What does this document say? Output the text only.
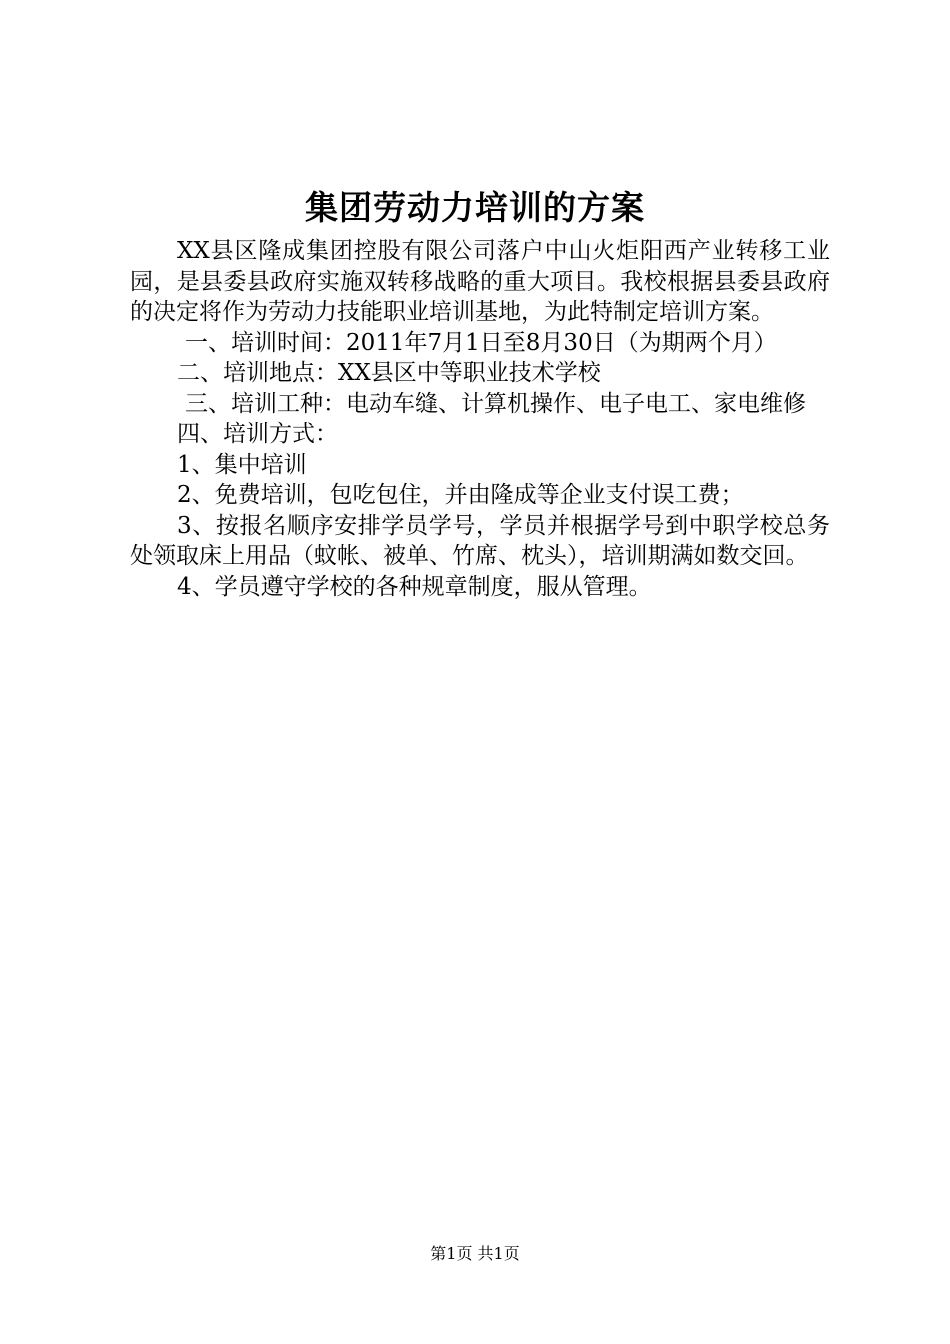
集团劳动力培训的方案

XX县区隆成集团控股有限公司落户中山火炬阳西产业转移工业园，是县委县政府实施双转移战略的重大项目。我校根据县委县政府的决定将作为劳动力技能职业培训基地，为此特制定培训方案。

一、培训时间：2011年7月1日至8月30日（为期两个月）

二、培训地点：XX县区中等职业技术学校

三、培训工种：电动车缝、计算机操作、电子电工、家电维修

四、培训方式：

1、集中培训

2、免费培训，包吃包住，并由隆成等企业支付误工费；

3、按报名顺序安排学员学号，学员并根据学号到中职学校总务处领取床上用品（蚊帐、被单、竹席、枕头），培训期满如数交回。

4、学员遵守学校的各种规章制度，服从管理。

第1页 共1页
